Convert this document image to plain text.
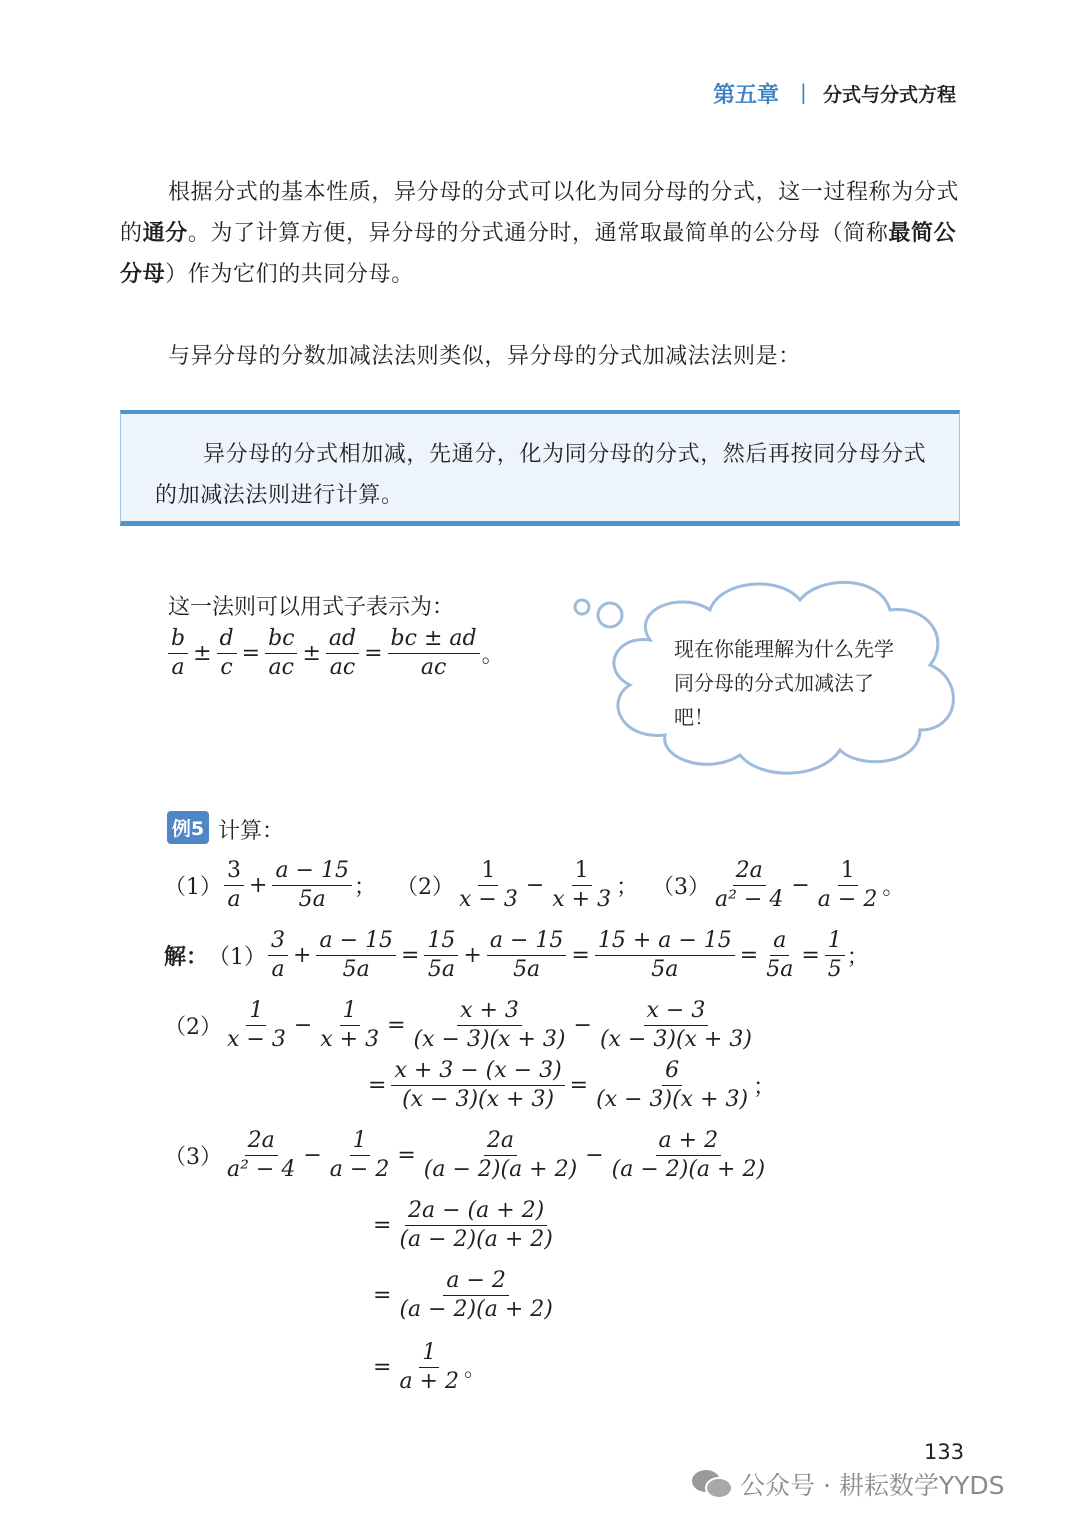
第五章 | 分式与分式方程
根据分式的基本性质，异分母的分式可以化为同分母的分式，这一过程称为分式的通分。为了计算方便，异分母的分式通分时，通常取最简单的公分母（简称最简公分母）作为它们的共同分母。
与异分母的分数加减法法则类似，异分母的分式加减法法则是：
异分母的分式相加减，先通分，化为同分母的分式，然后再按同分母分式的加减法法则进行计算。
这一法则可以用式子表示为：
$\frac{b}{a} \pm \frac{d}{c} = \frac{bc}{ac} \pm \frac{ad}{ac} = \frac{bc \pm ad}{ac}$ 。	现在你能理解为什么先学同分母的分式加减法了吧！
例5 计算：
$(1) \frac{3}{a} + \frac{a - 15}{5a}$ ； $(2) \frac{1}{x - 3} - \frac{1}{x + 3}$ ； $(3) \frac{2a}{\text{a² − 4}} - \frac{1}{a - 2}$ 。
解： $(1) \frac{3}{a} + \frac{a - 15}{5a} = \frac{15}{5a} + \frac{a - 15}{5a} = \frac{15 + a - 15}{5a} = \frac{a}{5a} = \frac{1}{5}$ ；
$(2) \frac{1}{x - 3} - \frac{1}{x + 3} = \frac{x + 3}{(x - 3)(x + 3)} - \frac{x - 3}{(x - 3)(x + 3)}$
= $\frac{x + 3 - (x - 3)}{(x - 3)(x + 3)} = \frac{6}{(x - 3)(x + 3)}$ ；
$(3) \frac{2a}{\text{a² − 4}} - \frac{1}{a - 2} = \frac{2a}{(a - 2)(a + 2)} - \frac{a + 2}{(a - 2)(a + 2)}$
= $\frac{2a - (a + 2)}{(a - 2)(a + 2)}$
= $\frac{a - 2}{(a - 2)(a + 2)}$
= $\frac{1}{a + 2}$ 。
133
公众号 · 耕耘数学YYDS
